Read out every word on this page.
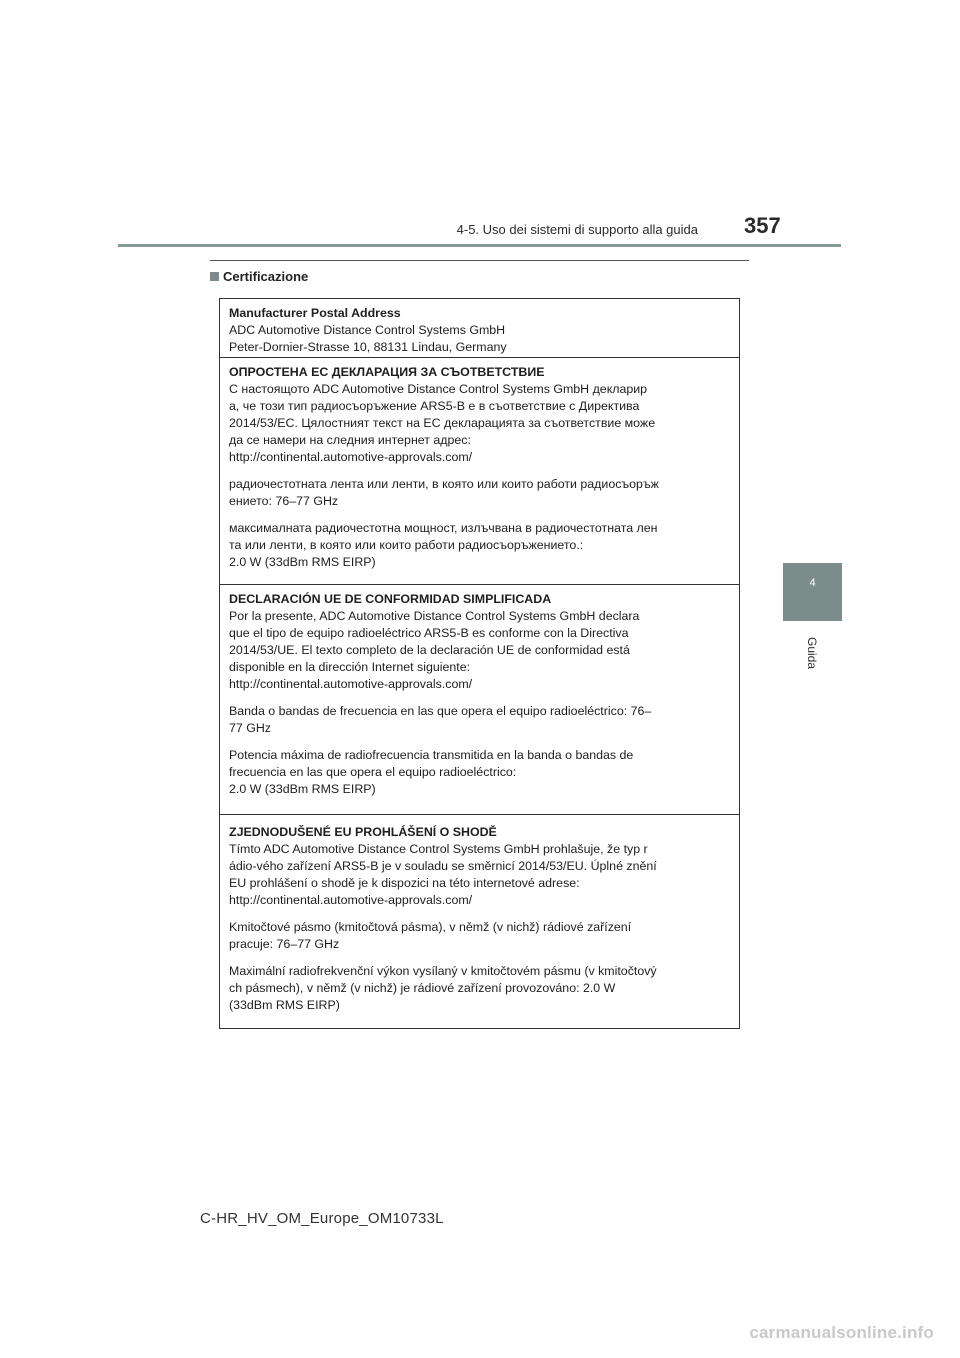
4-5. Uso dei sistemi di supporto alla guida 357
4
Guida
Certificazione
Manufacturer Postal Address
ADC Automotive Distance Control Systems GmbH
Peter-Dornier-Strasse 10, 88131 Lindau, Germany
ОПРОСТЕНА ЕС ДЕКЛАРАЦИЯ ЗА СЪОТВЕТСТВИЕ
С настоящото ADC Automotive Distance Control Systems GmbH декларир
а, че този тип радиосъоръжение ARS5-B е в съответствие с Директива
2014/53/ЕС. Цялостният текст на ЕС декларацията за съответствие може
да се намери на следния интернет адрес:
http://continental.automotive-approvals.com/
радиочестотната лента или ленти, в която или които работи радиосъоръж
ението: 76–77 GHz
максималната радиочестотна мощност, излъчвана в радиочестотната лен
та или ленти, в която или които работи радиосъоръжението.:
2.0 W (33dBm RMS EIRP)
DECLARACIÓN UE DE CONFORMIDAD SIMPLIFICADA
Por la presente, ADC Automotive Distance Control Systems GmbH declara
que el tipo de equipo radioeléctrico ARS5-B es conforme con la Directiva
2014/53/UE. El texto completo de la declaración UE de conformidad está
disponible en la dirección Internet siguiente:
http://continental.automotive-approvals.com/
Banda o bandas de frecuencia en las que opera el equipo radioeléctrico: 76–
77 GHz
Potencia máxima de radiofrecuencia transmitida en la banda o bandas de
frecuencia en las que opera el equipo radioeléctrico:
2.0 W (33dBm RMS EIRP)
ZJEDNODUŠENÉ EU PROHLÁŠENÍ O SHODĚ
Tímto ADC Automotive Distance Control Systems GmbH prohlašuje, že typ r
ádio-vého zařízení ARS5-B je v souladu se směrnicí 2014/53/EU. Úplné znění
EU prohlášení o shodě je k dispozici na této internetové adrese:
http://continental.automotive-approvals.com/
Kmitočtové pásmo (kmitočtová pásma), v němž (v nichž) rádiové zařízení
pracuje: 76–77 GHz
Maximální radiofrekvenční výkon vysílaný v kmitočtovém pásmu (v kmitočtový
ch pásmech), v němž (v nichž) je rádiové zařízení provozováno: 2.0 W
(33dBm RMS EIRP)
C-HR_HV_OM_Europe_OM10733L
carmanualsonline.info
